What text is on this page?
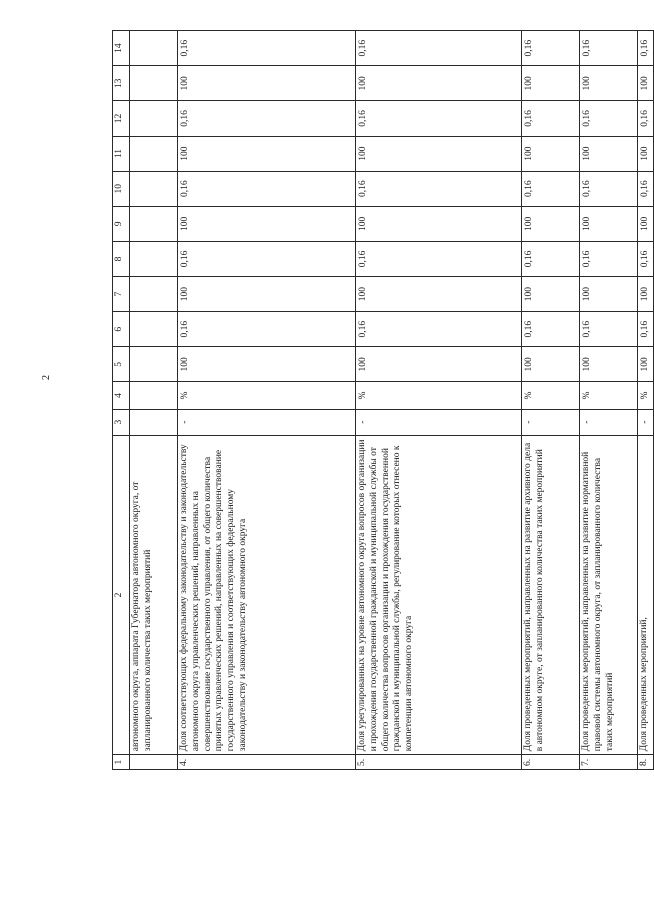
2
1	2	3	4	5	6	7	8	9	10	11	12	13	14
	автономного округа, аппарата Губернатора автономного округа, от запланированного количества таких мероприятий												
4.	Доля соответствующих федеральному законодательству и законодательству автономного округа управленческих решений, направленных на совершенствование государственного управления, от общего количества принятых управленческих решений, направленных на совершенствование государственного управления и соответствующих федеральному законодательству и законодательству автономного округа	-	%	100	0,16	100	0,16	100	0,16	100	0,16	100	0,16
5.	Доля урегулированных на уровне автономного округа вопросов организации и прохождения государственной гражданской и муниципальной службы от общего количества вопросов организации и прохождения государственной гражданской и муниципальной службы, регулирование которых отнесено к компетенции автономного округа	-	%	100	0,16	100	0,16	100	0,16	100	0,16	100	0,16
6.	Доля проведенных мероприятий, направленных на развитие архивного дела в автономном округе, от запланированного количества таких мероприятий	-	%	100	0,16	100	0,16	100	0,16	100	0,16	100	0,16
7.	Доля проведенных мероприятий, направленных на развитие нормативной правовой системы автономного округа, от запланированного количества таких мероприятий	-	%	100	0,16	100	0,16	100	0,16	100	0,16	100	0,16
8.	Доля проведенных мероприятий,	-	%	100	0,16	100	0,16	100	0,16	100	0,16	100	0,16
